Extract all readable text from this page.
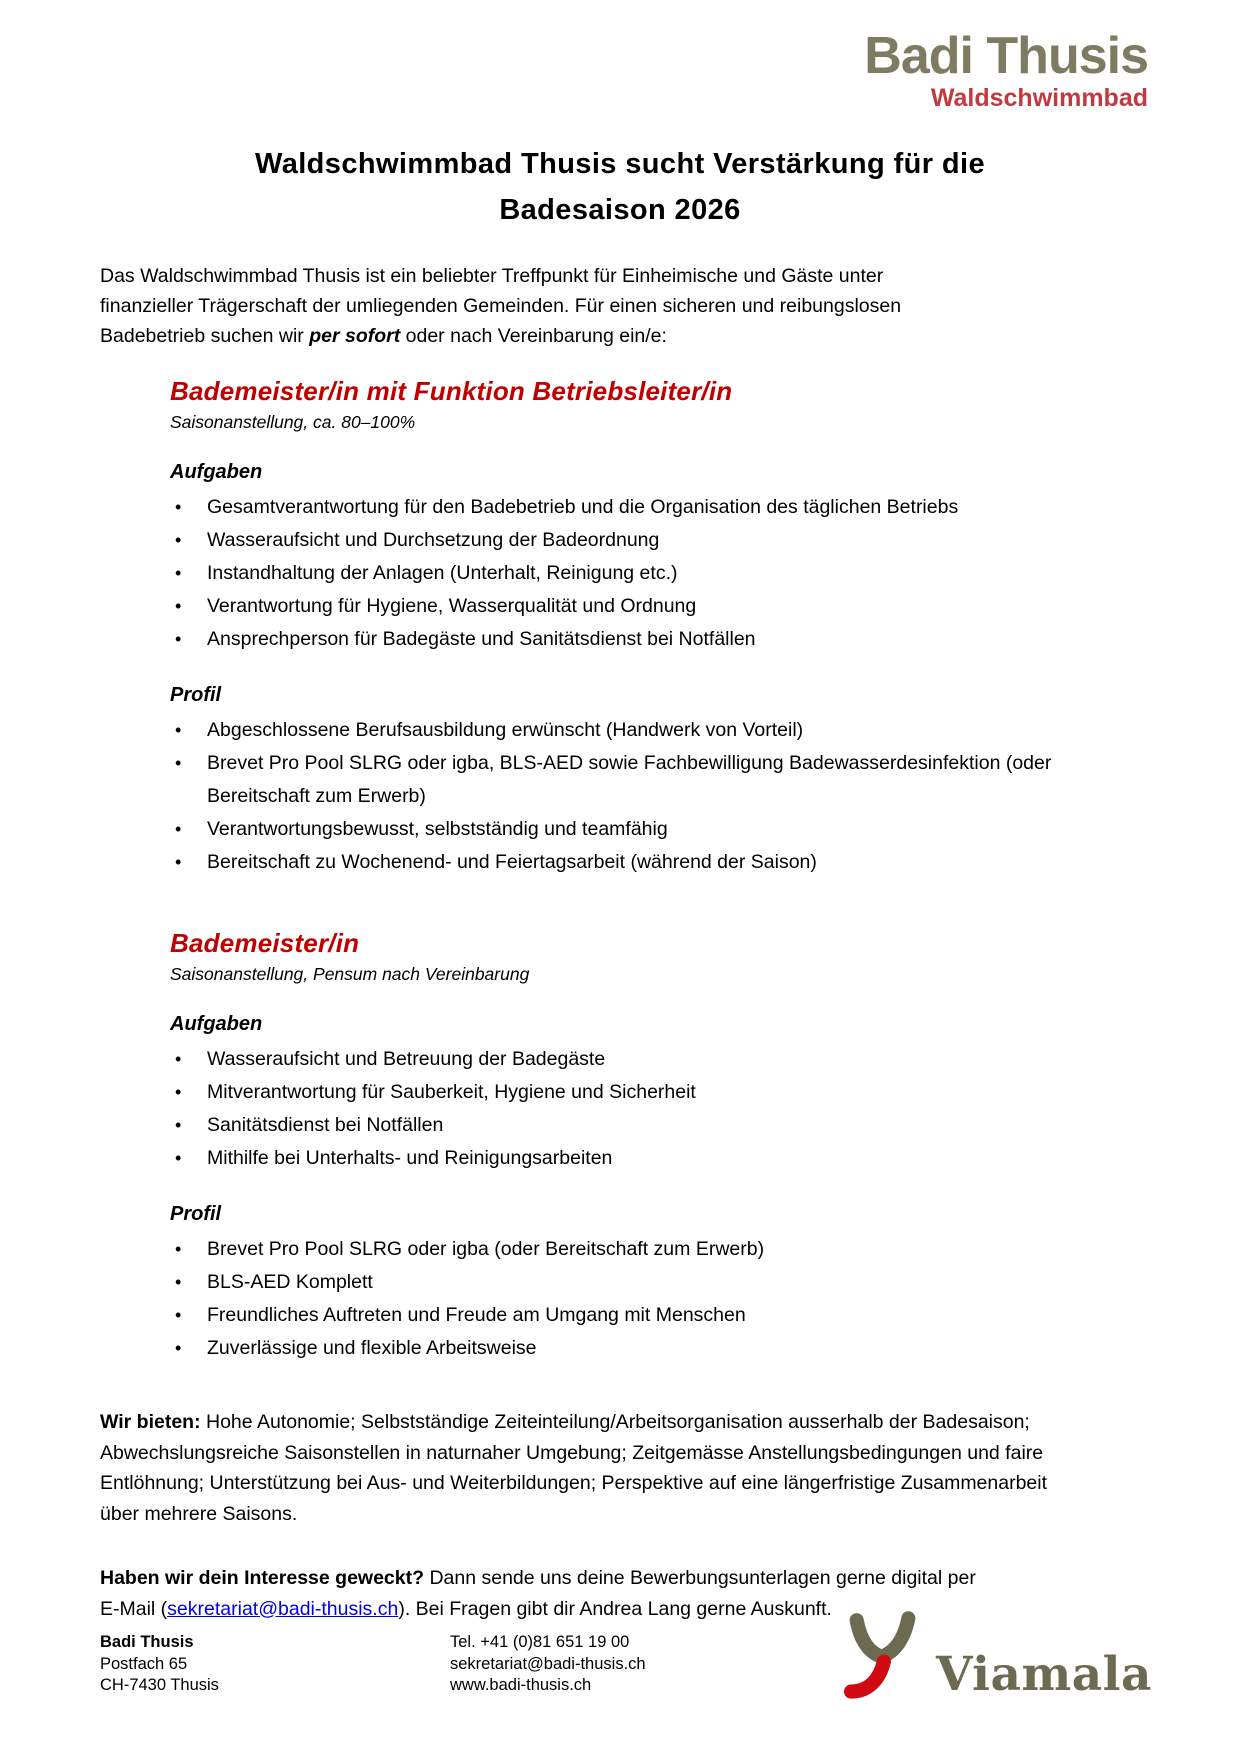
Badi Thusis
Waldschwimmbad
Waldschwimmbad Thusis sucht Verstärkung für die
Badesaison 2026

Das Waldschwimmbad Thusis ist ein beliebter Treffpunkt für Einheimische und Gäste unter finanzieller Trägerschaft der umliegenden Gemeinden. Für einen sicheren und reibungslosen Badebetrieb suchen wir per sofort oder nach Vereinbarung ein/e:

Bademeister/in mit Funktion Betriebsleiter/in
Saisonanstellung, ca. 80–100%
Aufgaben
• Gesamtverantwortung für den Badebetrieb und die Organisation des täglichen Betriebs
• Wasseraufsicht und Durchsetzung der Badeordnung
• Instandhaltung der Anlagen (Unterhalt, Reinigung etc.)
• Verantwortung für Hygiene, Wasserqualität und Ordnung
• Ansprechperson für Badegäste und Sanitätsdienst bei Notfällen
Profil
• Abgeschlossene Berufsausbildung erwünscht (Handwerk von Vorteil)
• Brevet Pro Pool SLRG oder igba, BLS-AED sowie Fachbewilligung Badewasserdesinfektion (oder Bereitschaft zum Erwerb)
• Verantwortungsbewusst, selbstständig und teamfähig
• Bereitschaft zu Wochenend- und Feiertagsarbeit (während der Saison)
Bademeister/in
Saisonanstellung, Pensum nach Vereinbarung
Aufgaben
• Wasseraufsicht und Betreuung der Badegäste
• Mitverantwortung für Sauberkeit, Hygiene und Sicherheit
• Sanitätsdienst bei Notfällen
• Mithilfe bei Unterhalts- und Reinigungsarbeiten
Profil
• Brevet Pro Pool SLRG oder igba (oder Bereitschaft zum Erwerb)
• BLS-AED Komplett
• Freundliches Auftreten und Freude am Umgang mit Menschen
• Zuverlässige und flexible Arbeitsweise

Wir bieten: Hohe Autonomie; Selbstständige Zeiteinteilung/Arbeitsorganisation ausserhalb der Badesaison; Abwechslungsreiche Saisonstellen in naturnaher Umgebung; Zeitgemässe Anstellungsbedingungen und faire Entlöhnung; Unterstützung bei Aus- und Weiterbildungen; Perspektive auf eine längerfristige Zusammenarbeit über mehrere Saisons.

Haben wir dein Interesse geweckt? Dann sende uns deine Bewerbungsunterlagen gerne digital per E-Mail (sekretariat@badi-thusis.ch). Bei Fragen gibt dir Andrea Lang gerne Auskunft.

Badi Thusis
Postfach 65
CH-7430 Thusis
Tel. +41 (0)81 651 19 00
sekretariat@badi-thusis.ch
www.badi-thusis.ch	Viamala
